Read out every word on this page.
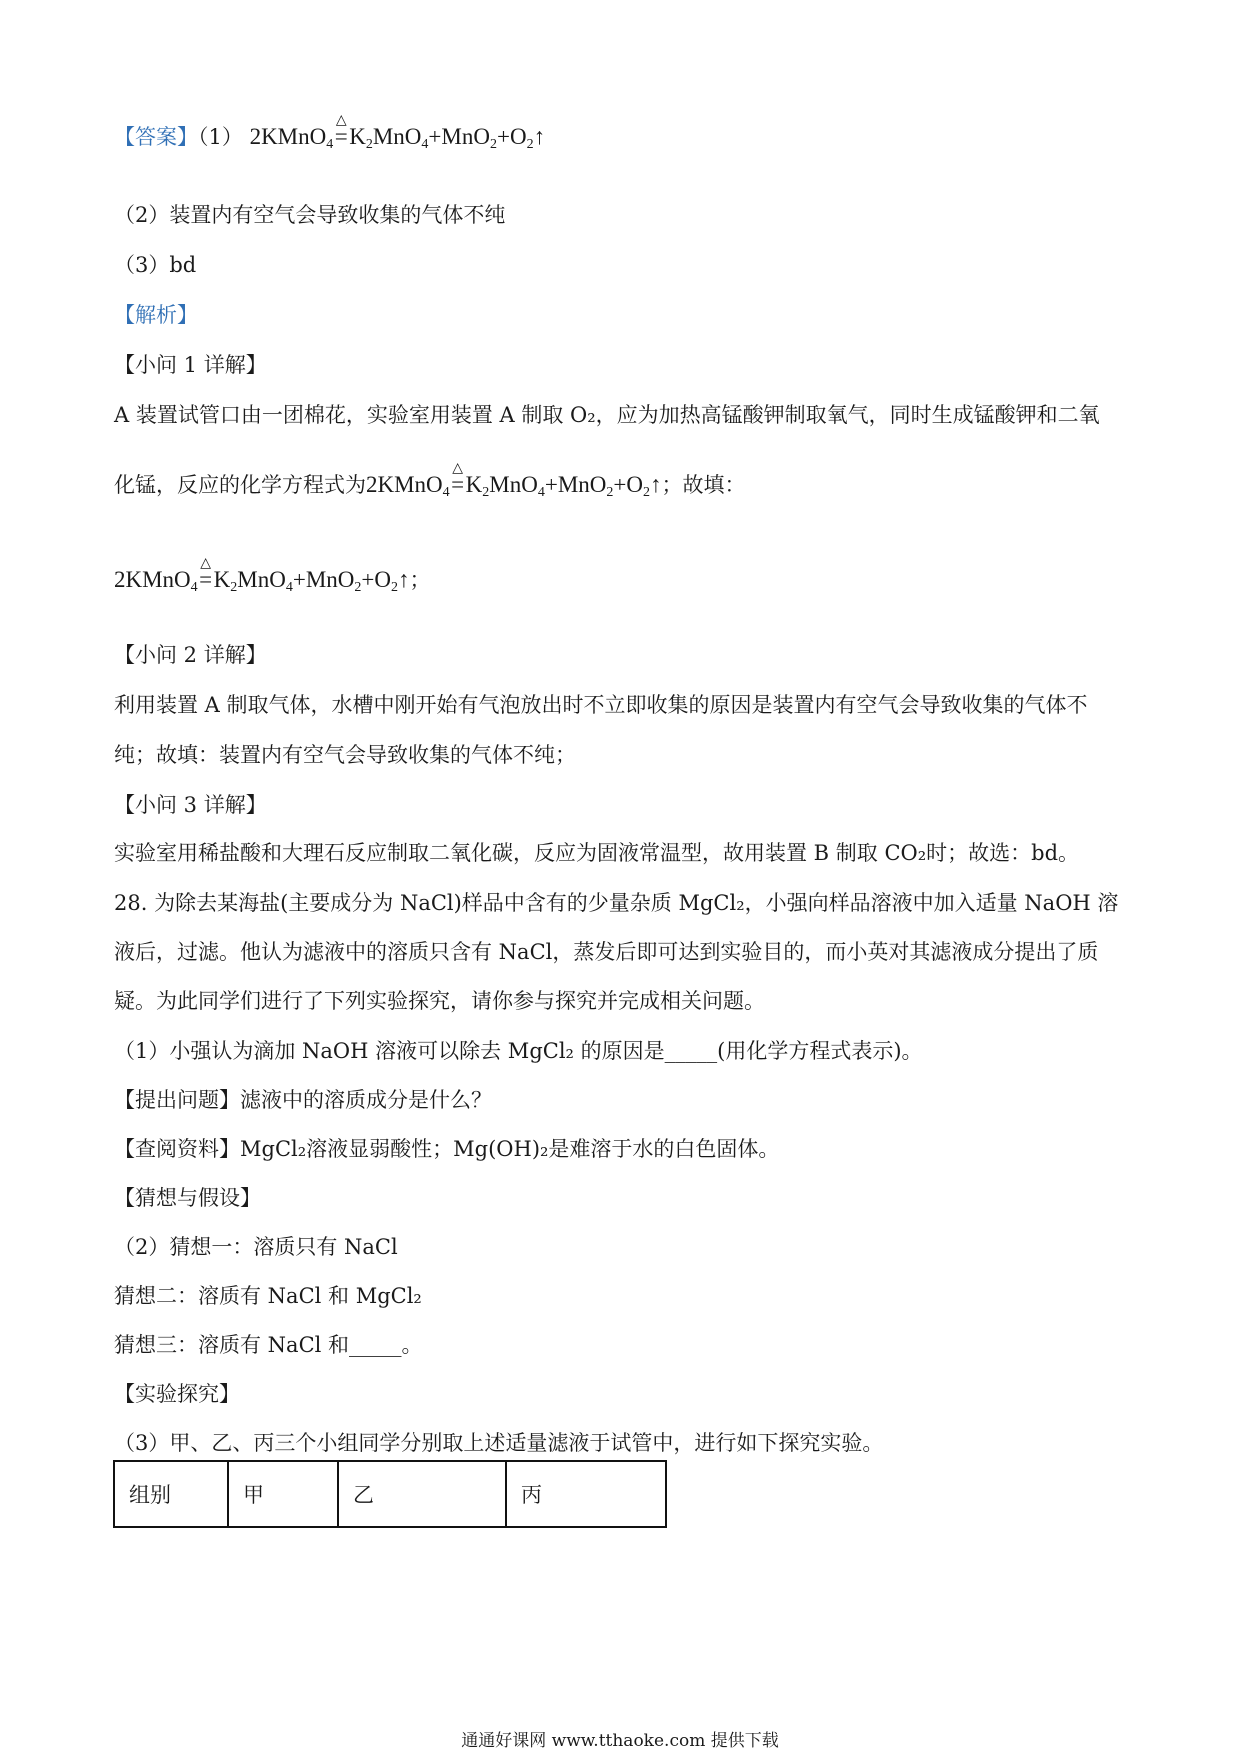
【答案】（1） 2KMnO$_4$
△
$=K_2MnO_4+MnO_2+O_2↑$
（2）装置内有空气会导致收集的气体不纯
（3）bd
【解析】
【小问 1 详解】
A 装置试管口由一团棉花，实验室用装置 A 制取 O₂，应为加热高锰酸钾制取氧气，同时生成锰酸钾和二氧
化锰，反应的化学方程式为2KMnO$_4$
△
$=K_2MnO_4+MnO_2+O_2↑$；故填：
2KMnO$_4$
△
$=K_2MnO_4+MnO_2+O_2↑$；
【小问 2 详解】
利用装置 A 制取气体，水槽中刚开始有气泡放出时不立即收集的原因是装置内有空气会导致收集的气体不
纯；故填：装置内有空气会导致收集的气体不纯；
【小问 3 详解】
实验室用稀盐酸和大理石反应制取二氧化碳，反应为固液常温型，故用装置 B 制取 CO₂时；故选：bd。
28. 为除去某海盐(主要成分为 NaCl)样品中含有的少量杂质 MgCl₂，小强向样品溶液中加入适量 NaOH 溶
液后，过滤。他认为滤液中的溶质只含有 NaCl，蒸发后即可达到实验目的，而小英对其滤液成分提出了质
疑。为此同学们进行了下列实验探究，请你参与探究并完成相关问题。
（1）小强认为滴加 NaOH 溶液可以除去 MgCl₂ 的原因是_____(用化学方程式表示)。
【提出问题】滤液中的溶质成分是什么？
【查阅资料】MgCl₂溶液显弱酸性；Mg(OH)₂是难溶于水的白色固体。
【猜想与假设】
（2）猜想一：溶质只有 NaCl
猜想二：溶质有 NaCl 和 MgCl₂
猜想三：溶质有 NaCl 和_____。
【实验探究】
（3）甲、乙、丙三个小组同学分别取上述适量滤液于试管中，进行如下探究实验。
组别	甲	乙	丙
通通好课网 www.tthaoke.com 提供下载
